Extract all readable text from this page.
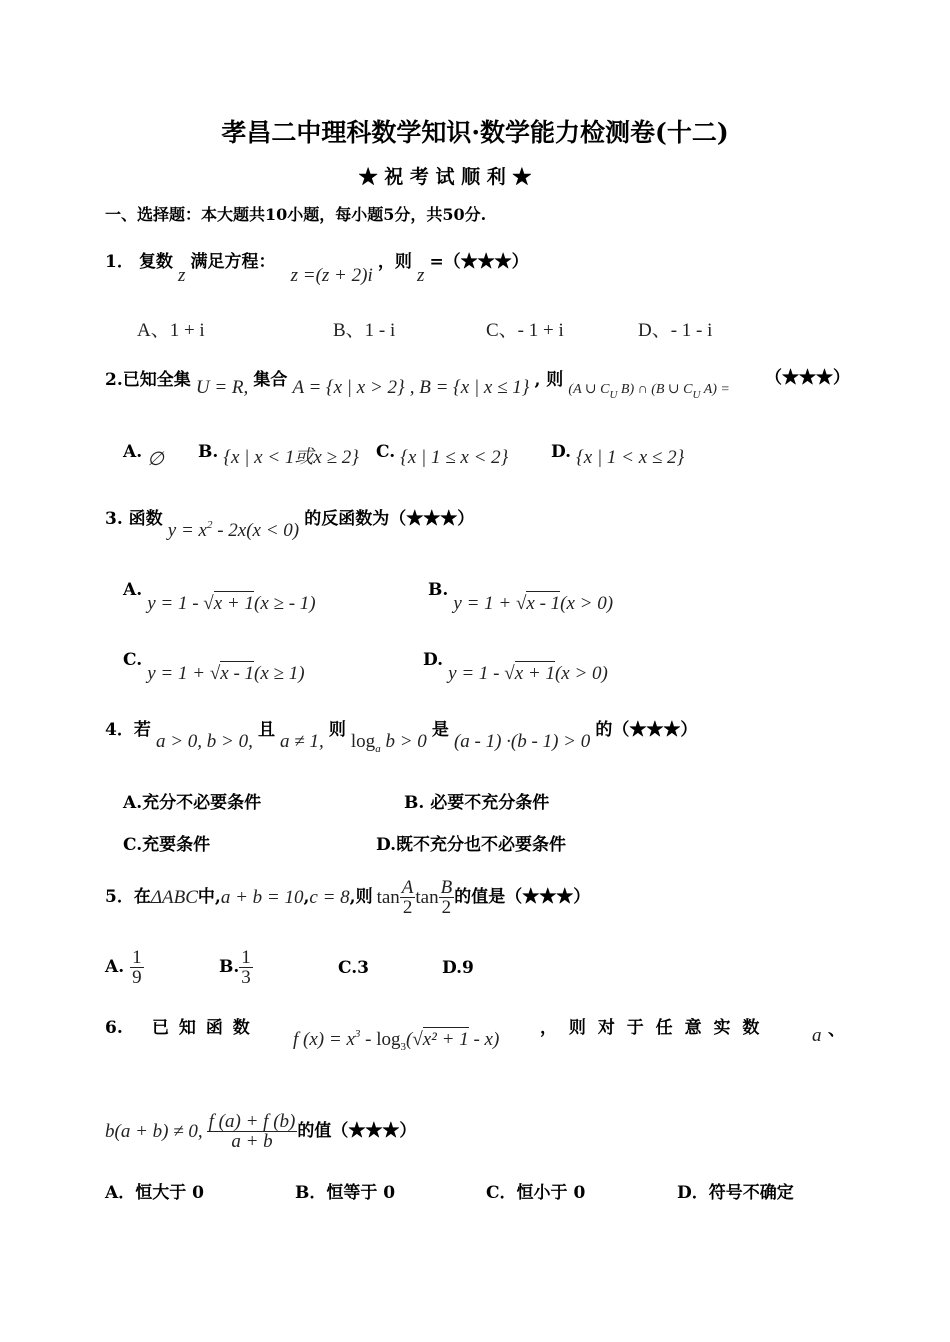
孝昌二中理科数学知识·数学能力检测卷(十二)
★ 祝 考 试 顺 利 ★
一、选择题：本大题共10小题，每小题5分，共50分.
1． 复数 z 满足方程： z =(z + 2)i ，则 z =（★★★）
A、1 + i	B、1 - i	C、- 1 + i	D、- 1 - i
2.已知全集 U = R, 集合 A = {x | x > 2} , B = {x | x ≤ 1} , 则 (A ∪ $C_U$ B) ∩ (B ∪ $C_U$ A) =
（★★★）
A. ∅ B. {x | x < 1或x ≥ 2} C. {x | 1 ≤ x < 2}	D. {x | 1 < x ≤ 2}
3. 函数 $y = x^2 - 2x(x < 0)$ 的反函数为（★★★）
A. y = 1 - √x + 1(x ≥ - 1)
B. y = 1 + √x - 1(x > 0)
C. y = 1 + √x - 1(x ≥ 1)
D. y = 1 - √x + 1(x > 0)
4．若 a > 0, b > 0, 且 a ≠ 1, 则 $\log_a b > 0$ 是 (a - 1) ·(b - 1) > 0 的（★★★）
A.充分不必要条件	B. 必要不充分条件
C.充要条件	D.既不充分也不必要条件
5．在 ΔABC 中, a + b = 10 , c = 8 ,则 $\tan \frac{A}{2}$ $\tan \frac{B}{2}$ 的值是（★★★）
A. $\frac{1}{9}$	B. $\frac{1}{3}$	C.3	D.9
6. 已 知 函 数
f $(x) = x^3 - \log_3(√x^2 + 1 - x)$
， 则 对 于 任 意 实 数	a 、
b(a + b) ≠ 0, $\frac{f (a) + f (b)}{a + b}$ 的值（★★★）
A．恒大于 0	B．恒等于 0	C．恒小于 0	D．符号不确定
